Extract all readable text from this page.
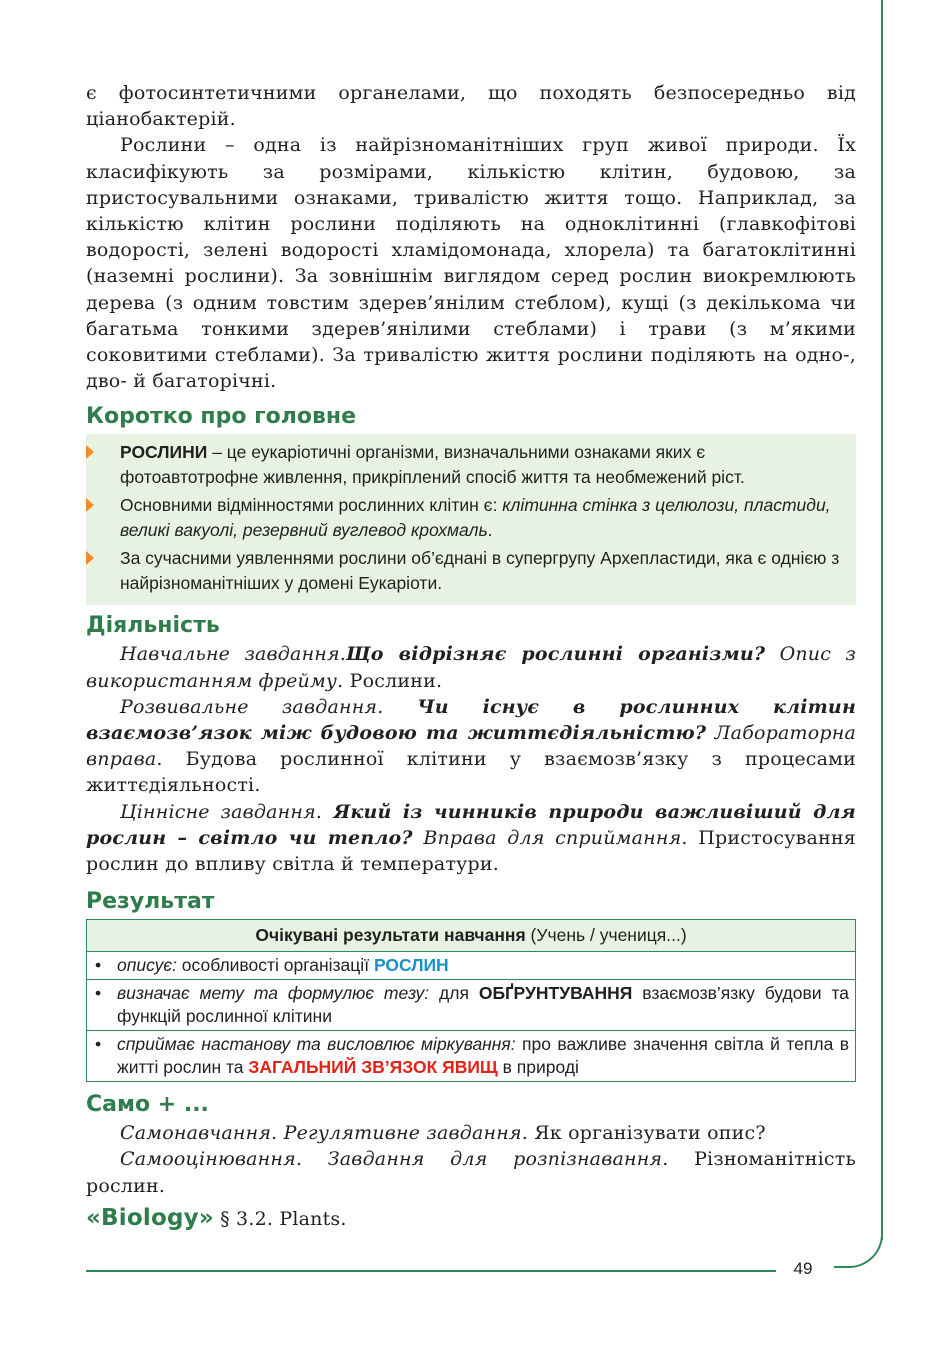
49

є фотосинтетичними органелами, що походять безпосередньо від ціанобактерій.

Рослини – одна із найрізноманітніших груп живої природи. Їх класифікують за розмірами, кількістю клітин, будовою, за пристосувальними ознаками, тривалістю життя тощо. Наприклад, за кількістю клітин рослини поділяють на одноклітинні (главкофітові водорості, зелені водорості хламідомонада, хлорела) та багатоклітинні (наземні рослини). За зовнішнім виглядом серед рослин виокремлюють дерева (з одним товстим здерев’янілим стеблом), кущі (з декількома чи багатьма тонкими здерев’янілими стеблами) і трави (з м’якими соковитими стеблами). За тривалістю життя рослини поділяють на одно-, дво- й багаторічні.

Коротко про головне
РОСЛИНИ – це еукаріотичні організми, визначальними ознаками яких є фотоавтотрофне живлення, прикріплений спосіб життя та необмежений ріст.
Основними відмінностями рослинних клітин є: клітинна стінка з целюлози, пластиди, великі вакуолі, резервний вуглевод крохмаль.
За сучасними уявленнями рослини об’єднані в супергрупу Архепластиди, яка є однією з найрізноманітніших у домені Еукаріоти.
Діяльність

Навчальне завдання.Що відрізняє рослинні організми? Опис з використанням фрейму. Рослини.

Розвивальне завдання. Чи існує в рослинних клітин взаємозв’язок між будовою та життєдіяльністю? Лабораторна вправа. Будова рослинної клітини у взаємозв’язку з процесами життєдіяльності.

Ціннісне завдання. Який із чинників природи важливіший для рослин – світло чи тепло? Вправа для сприймання. Пристосування рослин до впливу світла й температури.

Результат
Очікувані результати навчання (Учень / учениця...)

• описує: особливості організації РОСЛИН

• визначає мету та формулює тезу: для ОБҐРУНТУВАННЯ взаємозв’язку будови та функцій рослинної клітини

• сприймає настанову та висловлює міркування: про важливе значення світла й тепла в житті рослин та ЗАГАЛЬНИЙ ЗВ’ЯЗОК ЯВИЩ в природі
Само + ...

Самонавчання. Регулятивне завдання. Як організувати опис?

Самооцінювання. Завдання для розпізнавання. Різноманітність рослин.

«Biology» § 3.2. Plants.
